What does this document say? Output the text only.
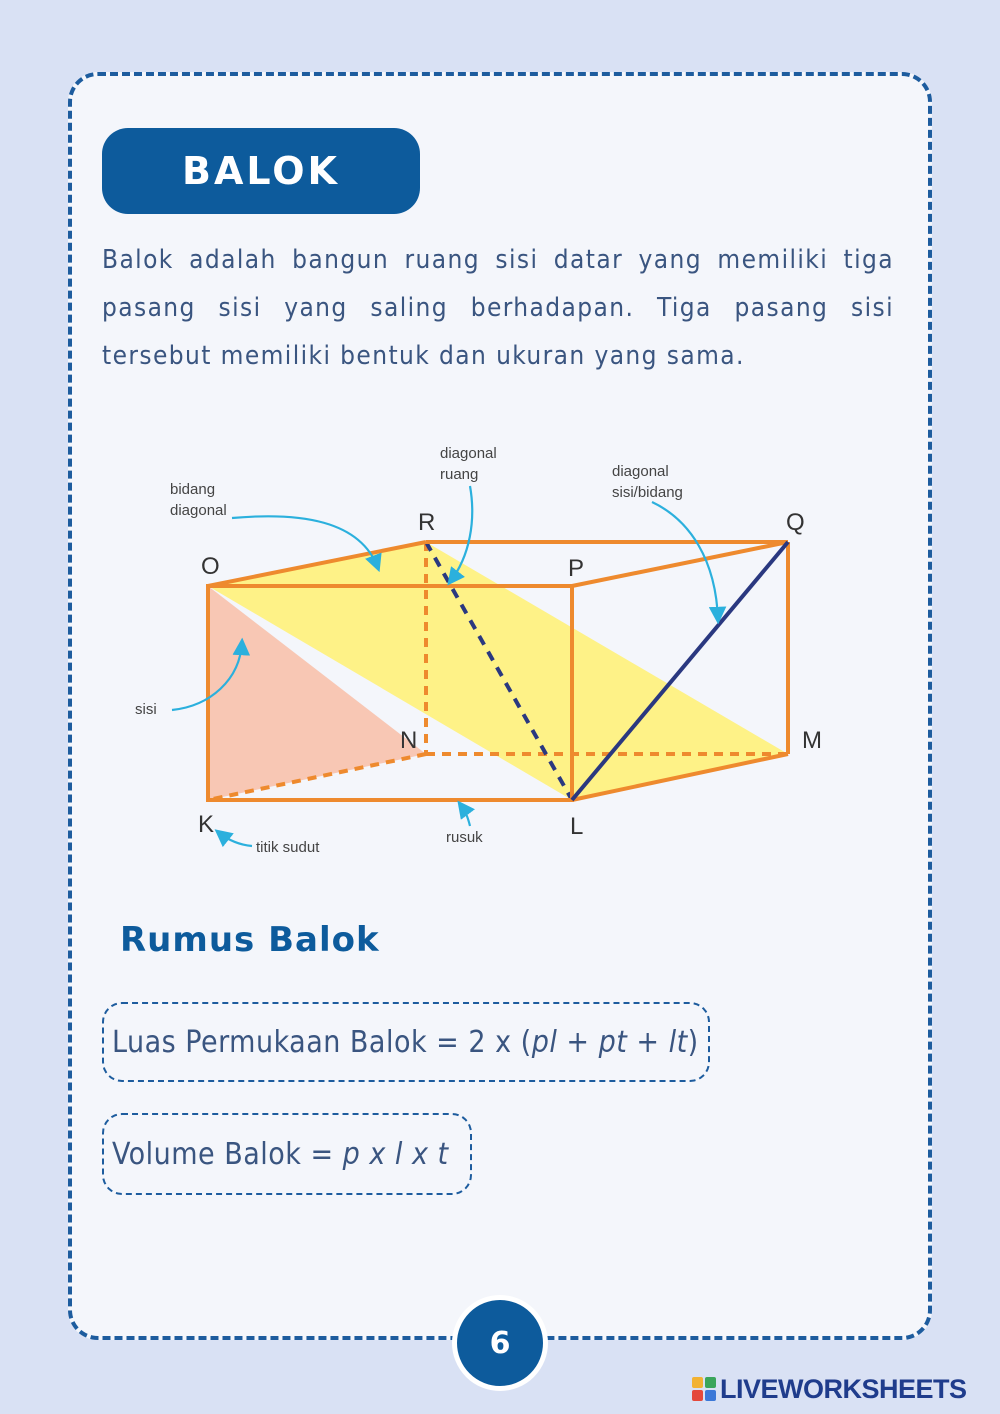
BALOK
Balok adalah bangun ruang sisi datar yang memiliki tiga pasang sisi yang saling berhadapan. Tiga pasang sisi tersebut memiliki bentuk dan ukuran yang sama.
O
R
P
Q
N	M
K	L
bidang
diagonal
diagonal
ruang	diagonal
sisi/bidang
sisi
titik sudut
rusuk
Rumus Balok
Luas Permukaan Balok = 2 x ( pl + pt + lt )
Volume Balok = p x l x t
6
LIVEWORKSHEETS
